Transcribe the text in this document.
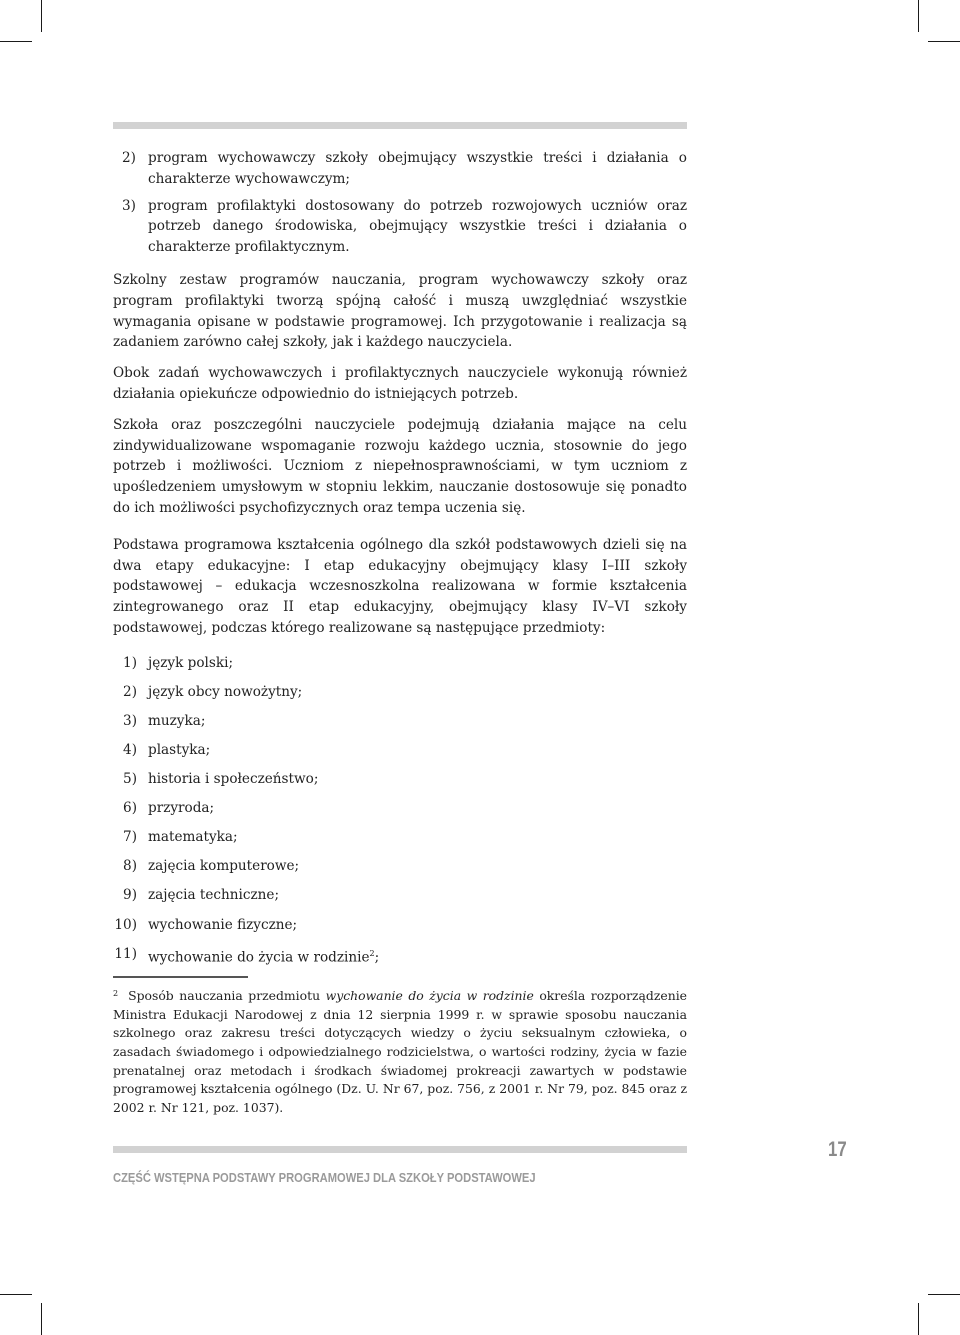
2) program wychowawczy szkoły obejmujący wszystkie treści i działania o charakterze wychowawczym;
3) program profilaktyki dostosowany do potrzeb rozwojowych uczniów oraz potrzeb danego środowiska, obejmujący wszystkie treści i działania o charakterze profilaktycznym.

Szkolny zestaw programów nauczania, program wychowawczy szkoły oraz program profilaktyki tworzą spójną całość i muszą uwzględniać wszystkie wymagania opisane w podstawie programowej. Ich przygotowanie i realizacja są zadaniem zarówno całej szkoły, jak i każdego nauczyciela.

Obok zadań wychowawczych i profilaktycznych nauczyciele wykonują również działania opiekuńcze odpowiednio do istniejących potrzeb.

Szkoła oraz poszczególni nauczyciele podejmują działania mające na celu zindywidualizowane wspomaganie rozwoju każdego ucznia, stosownie do jego potrzeb i możliwości. Uczniom z niepełnosprawnościami, w tym uczniom z upośledzeniem umysłowym w stopniu lekkim, nauczanie dostosowuje się ponadto do ich możliwości psychofizycznych oraz tempa uczenia się.

Podstawa programowa kształcenia ogólnego dla szkół podstawowych dzieli się na dwa etapy edukacyjne: I etap edukacyjny obejmujący klasy I–III szkoły podstawowej – edukacja wczesnoszkolna realizowana w formie kształcenia zintegrowanego oraz II etap edukacyjny, obejmujący klasy IV–VI szkoły podstawowej, podczas którego realizowane są następujące przedmioty:

1) język polski;
2) język obcy nowożytny;
3) muzyka;
4) plastyka;
5) historia i społeczeństwo;
6) przyroda;
7) matematyka;
8) zajęcia komputerowe;
9) zajęcia techniczne;
10) wychowanie fizyczne;
11) wychowanie do życia w rodzinie$^2$;
$^2$ Sposób nauczania przedmiotu wychowanie do życia w rodzinie określa rozporządzenie Ministra Edukacji Narodowej z dnia 12 sierpnia 1999 r. w sprawie sposobu nauczania szkolnego oraz zakresu treści dotyczących wiedzy o życiu seksualnym człowieka, o zasadach świadomego i odpowiedzialnego rodzicielstwa, o wartości rodziny, życia w fazie prenatalnej oraz metodach i środkach świadomej prokreacji zawartych w podstawie programowej kształcenia ogólnego (Dz. U. Nr 67, poz. 756, z 2001 r. Nr 79, poz. 845 oraz z 2002 r. Nr 121, poz. 1037).
CZĘŚĆ WSTĘPNA PODSTAWY PROGRAMOWEJ DLA SZKOŁY PODSTAWOWEJ
17
